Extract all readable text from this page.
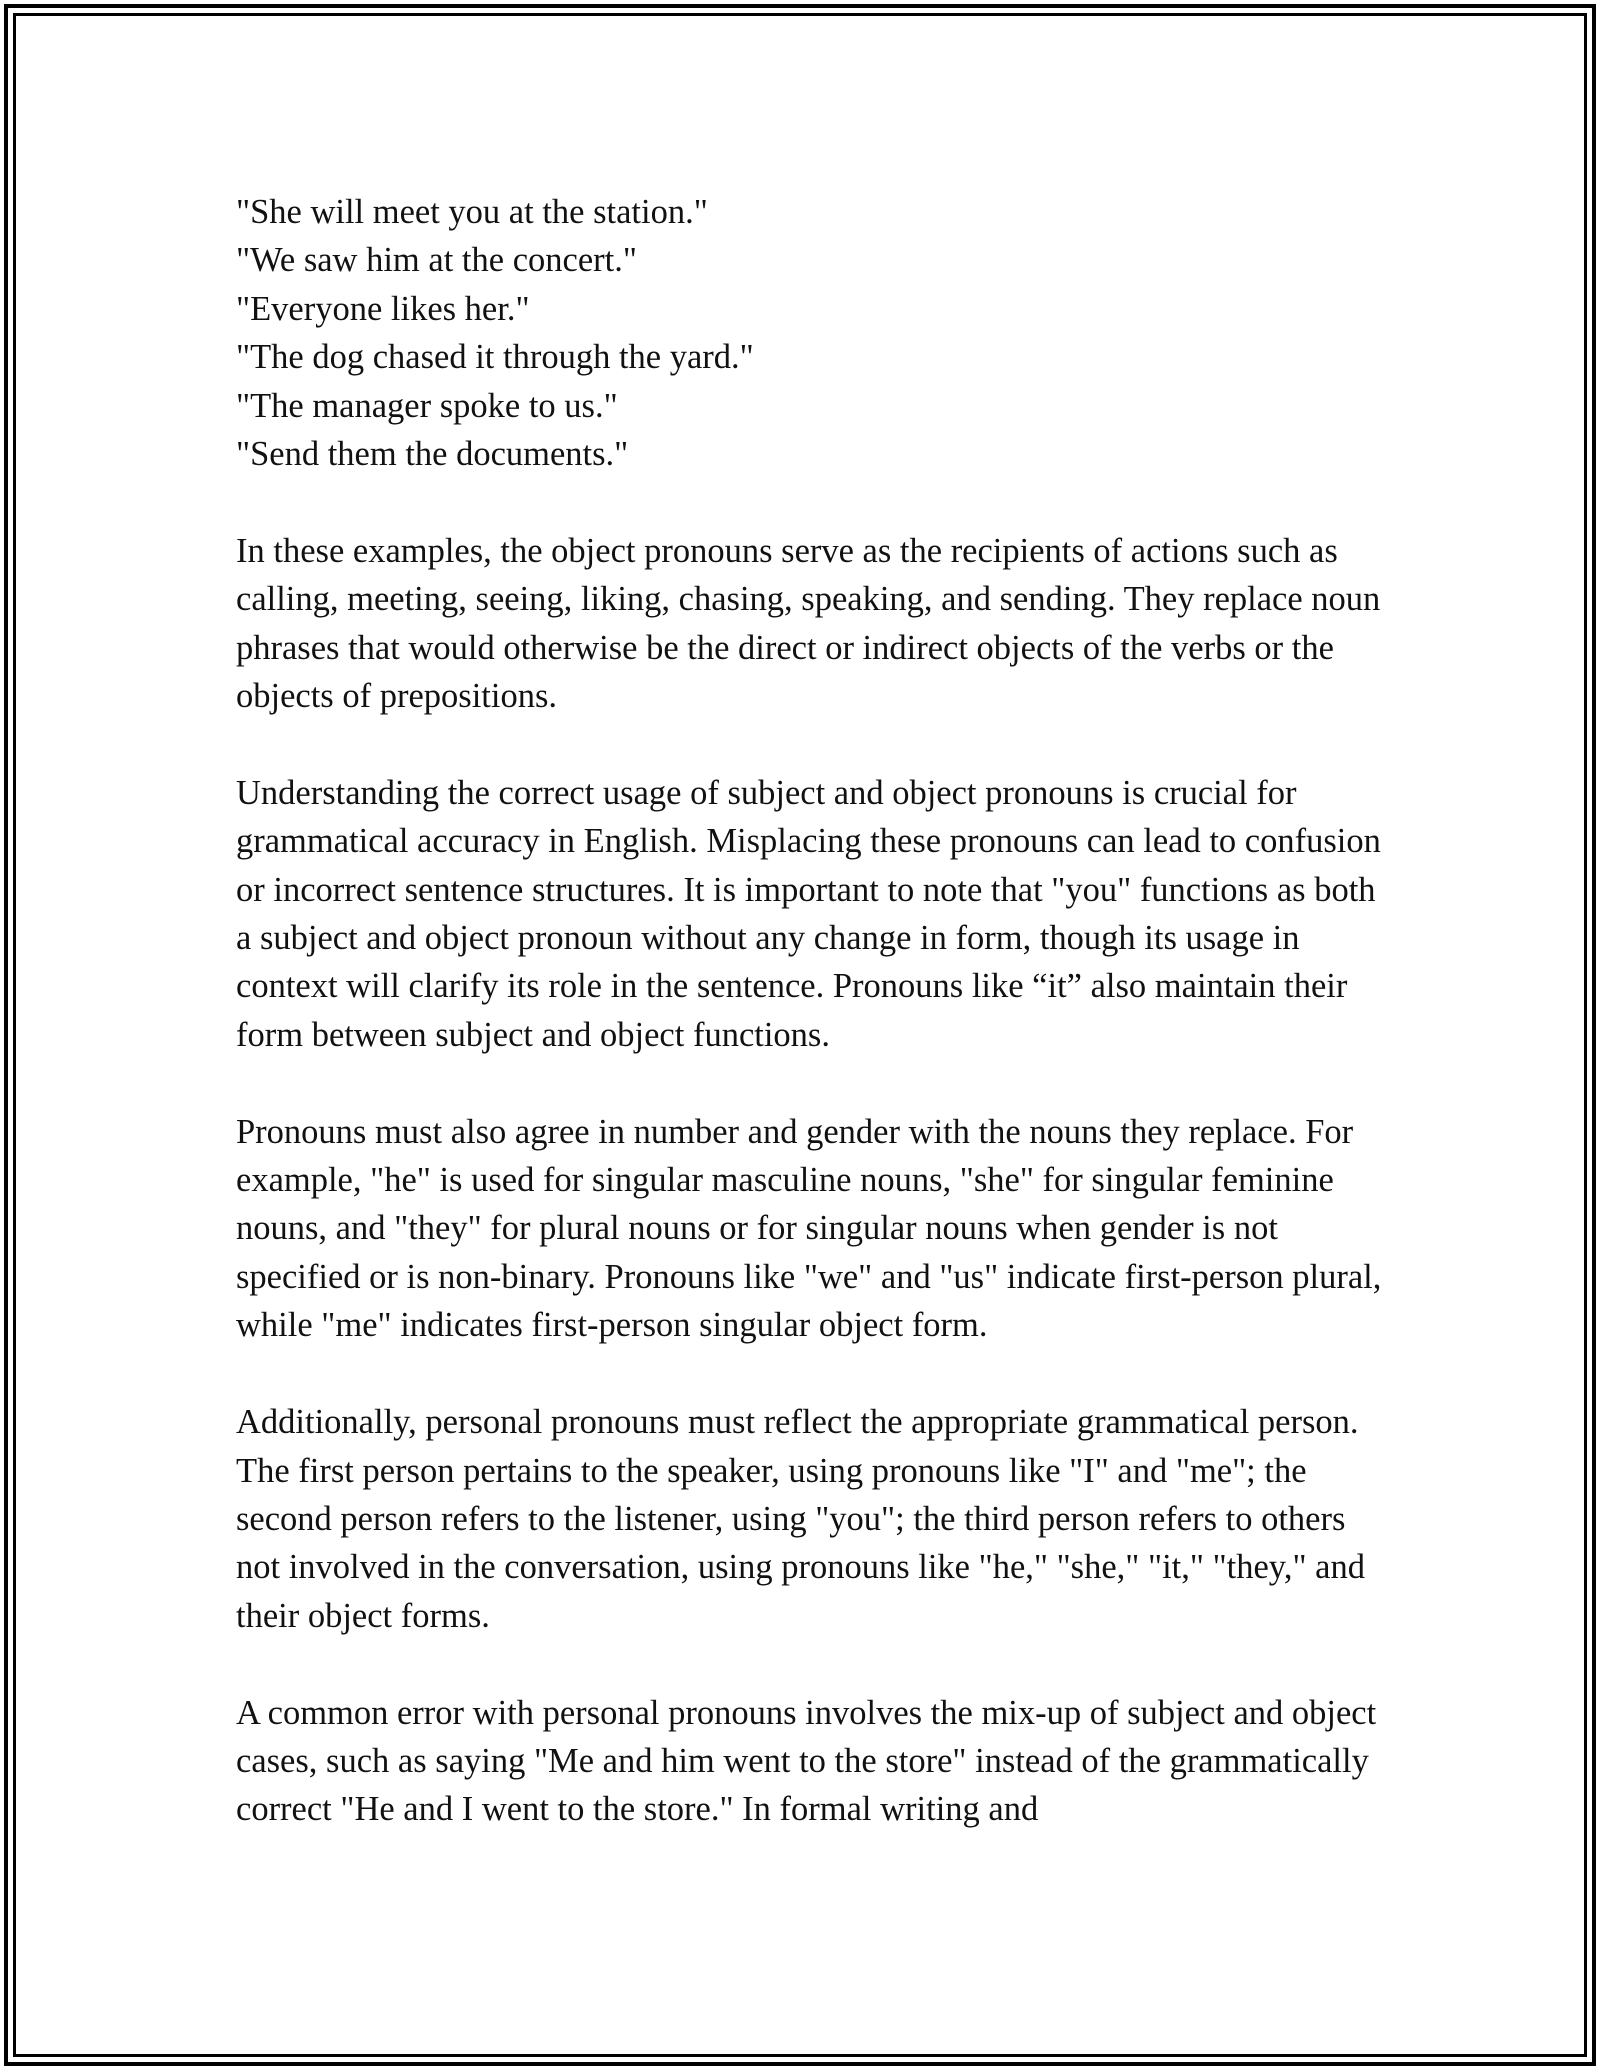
"She will meet you at the station."
"We saw him at the concert."
"Everyone likes her."
"The dog chased it through the yard."
"The manager spoke to us."
"Send them the documents."

In these examples, the object pronouns serve as the recipients of actions such as calling, meeting, seeing, liking, chasing, speaking, and sending. They replace noun phrases that would otherwise be the direct or indirect objects of the verbs or the objects of prepositions.

Understanding the correct usage of subject and object pronouns is crucial for grammatical accuracy in English. Misplacing these pronouns can lead to confusion or incorrect sentence structures. It is important to note that "you" functions as both a subject and object pronoun without any change in form, though its usage in context will clarify its role in the sentence. Pronouns like “it” also maintain their form between subject and object functions.

Pronouns must also agree in number and gender with the nouns they replace. For example, "he" is used for singular masculine nouns, "she" for singular feminine nouns, and "they" for plural nouns or for singular nouns when gender is not specified or is non-binary. Pronouns like "we" and "us" indicate first-person plural, while "me" indicates first-person singular object form.

Additionally, personal pronouns must reflect the appropriate grammatical person. The first person pertains to the speaker, using pronouns like "I" and "me"; the second person refers to the listener, using "you"; the third person refers to others not involved in the conversation, using pronouns like "he," "she," "it," "they," and their object forms.

A common error with personal pronouns involves the mix-up of subject and object cases, such as saying "Me and him went to the store" instead of the grammatically correct "He and I went to the store." In formal writing and
